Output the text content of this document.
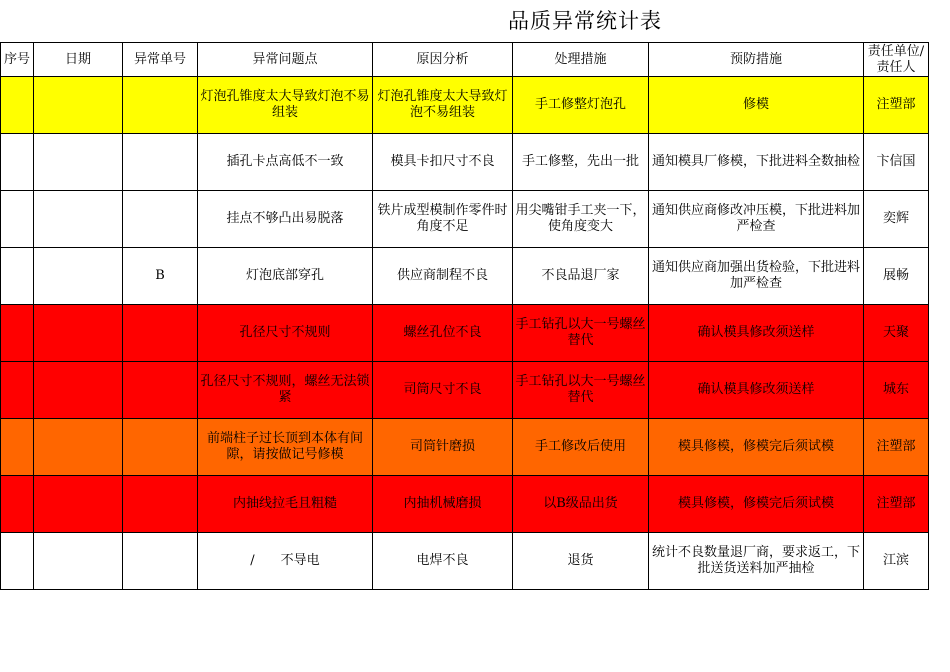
品质异常统计表
序号	日期	异常单号	异常问题点	原因分析	处理措施	预防措施	责任单位/责任人
			灯泡孔锥度太大导致灯泡不易组装	灯泡孔锥度太大导致灯泡不易组装	手工修整灯泡孔	修模	注塑部
			插孔卡点高低不一致	模具卡扣尺寸不良	手工修整，先出一批	通知模具厂修模，下批进料全数抽检	卞信国
			挂点不够凸出易脱落	铁片成型模制作零件时角度不足	用尖嘴钳手工夹一下，使角度变大	通知供应商修改冲压模，下批进料加严检查	奕辉
		B	灯泡底部穿孔	供应商制程不良	不良品退厂家	通知供应商加强出货检验，下批进料加严检查	展畅
			孔径尺寸不规则	螺丝孔位不良	手工钻孔以大一号螺丝替代	确认模具修改须送样	天聚
			孔径尺寸不规则，螺丝无法锁紧	司筒尺寸不良	手工钻孔以大一号螺丝替代	确认模具修改须送样	城东
			前端柱子过长顶到本体有间隙，请按做记号修模	司筒针磨损	手工修改后使用	模具修模，修模完后须试模	注塑部
			内抽线拉毛且粗糙	内抽机械磨损	以B级品出货	模具修模，修模完后须试模	注塑部
			/　　不导电	电焊不良	退货	统计不良数量退厂商，要求返工，下批送货送料加严抽检	江滨
